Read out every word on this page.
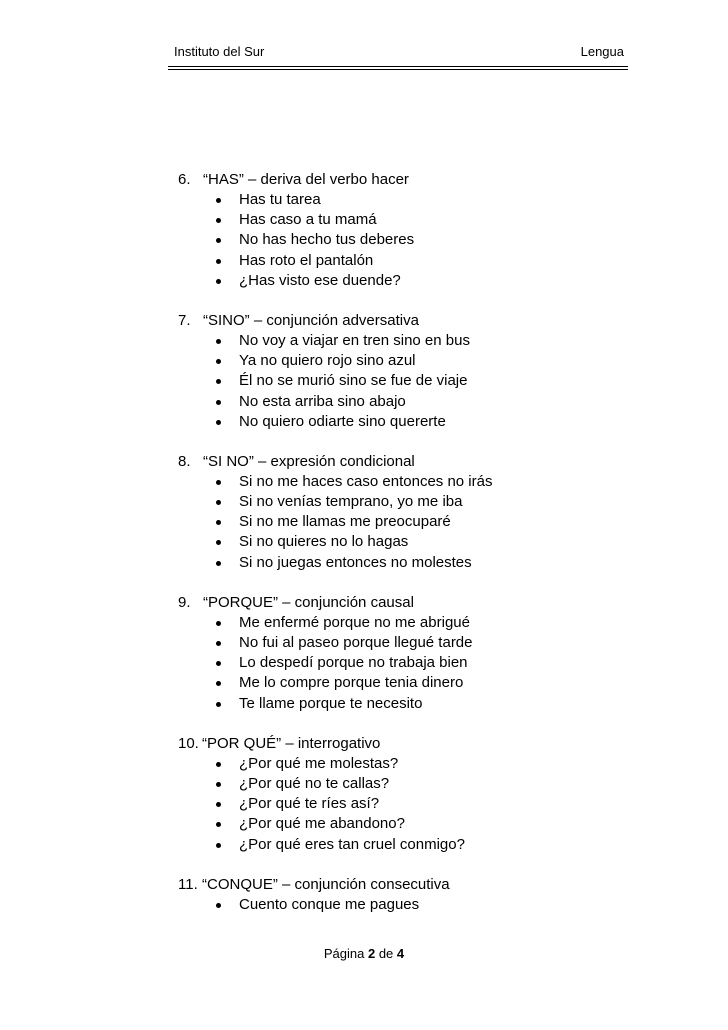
Instituto del Sur	Lengua
6. “HAS” – deriva del verbo hacer
Has tu tarea
Has caso a tu mamá
No has hecho tus deberes
Has roto el pantalón
¿Has visto ese duende?
7. “SINO” – conjunción adversativa
No voy a viajar en tren sino en bus
Ya no quiero rojo sino azul
Él no se murió sino se fue de viaje
No esta arriba sino abajo
No quiero odiarte sino quererte
8. “SI NO” – expresión condicional
Si no me haces caso entonces no irás
Si no venías temprano, yo me iba
Si no me llamas me preocuparé
Si no quieres no lo hagas
Si no juegas entonces no molestes
9. “PORQUE” – conjunción causal
Me enfermé porque no me abrigué
No fui al paseo porque llegué tarde
Lo despedí porque no trabaja bien
Me lo compre porque tenia dinero
Te llame porque te necesito
10. “POR QUÉ” – interrogativo
¿Por qué me molestas?
¿Por qué no te callas?
¿Por qué te ríes así?
¿Por qué me abandono?
¿Por qué eres tan cruel conmigo?
11. “CONQUE” – conjunción consecutiva
Cuento conque me pagues
Página 2 de 4
